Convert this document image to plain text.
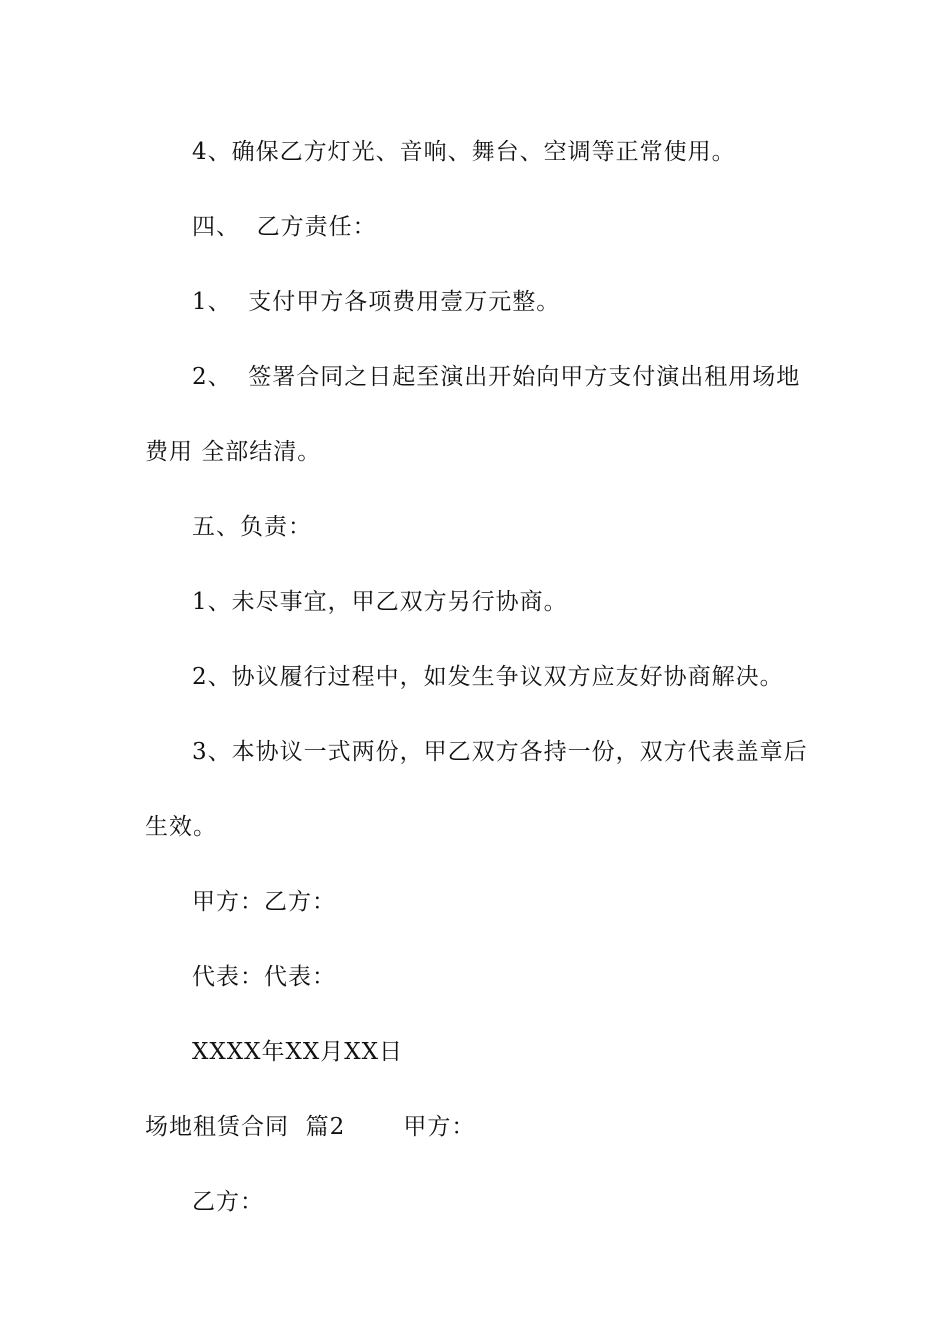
4、确保乙方灯光、音响、舞台、空调等正常使用。
四、  乙方责任：
1、  支付甲方各项费用壹万元整。
2、  签署合同之日起至演出开始向甲方支付演出租用场地
费用 全部结清。
五、负责：
1、未尽事宜，甲乙双方另行协商。
2、协议履行过程中，如发生争议双方应友好协商解决。
3、本协议一式两份，甲乙双方各持一份，双方代表盖章后
生效。
甲方：乙方：
代表：代表：
XXXX年XX月XX日
场地租赁合同  篇2       甲方：
乙方：
